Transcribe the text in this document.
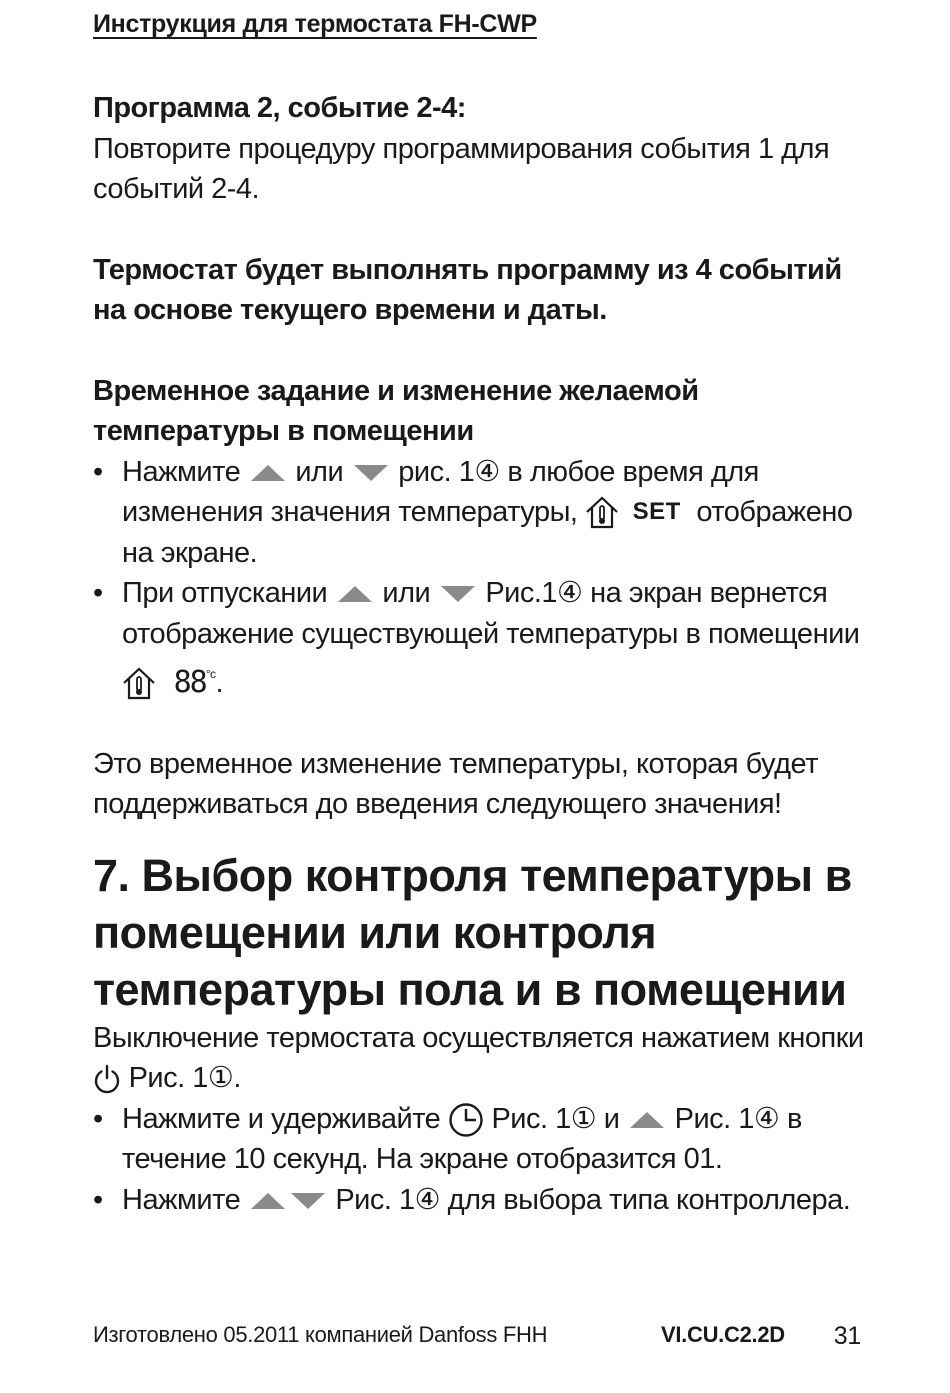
Инструкция для термостата FH-CWP

Программа 2, событие 2-4:

Повторите процедуру программирования события 1 для событий 2-4.

Термостат будет выполнять программу из 4 событий на основе текущего времени и даты.

Временное задание и изменение желаемой температуры в помещении

• Нажмите или рис. 1④ в любое время для изменения значения температуры, SET отображено на экране.
• При отпускании или Рис.1④ на экран вернется отображение существующей температуры в помещении  $88^{^\circ c}$.

Это временное изменение температуры, которая будет поддерживаться до введения следующего значения!

7. Выбор контроля температуры в помещении или контроля температуры пола и в помещении

Выключение термостата осуществляется нажатием кнопки  Рис. 1①.

• Нажмите и удерживайте Рис. 1① и Рис. 1④ в течение 10 секунд. На экране отобразится 01.
• Нажмите	Рис. 1④ для выбора типа контроллера.
Изготовлено 05.2011 компанией Danfoss FHH	VI.CU.C2.2D 31
